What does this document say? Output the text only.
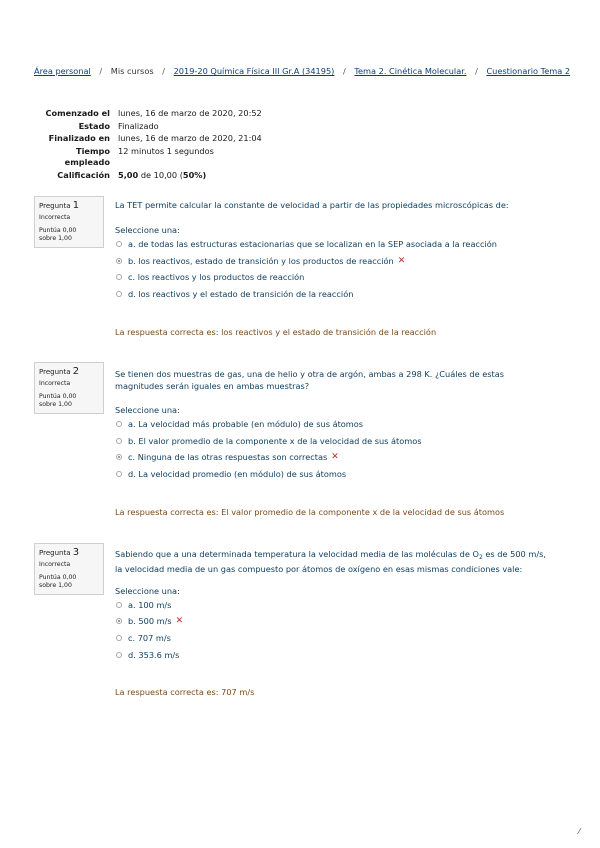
Área personal / Mis cursos / 2019-20 Química Física III Gr.A (34195) / Tema 2. Cinética Molecular. / Cuestionario Tema 2
Comenzado el	lunes, 16 de marzo de 2020, 20:52
Estado	Finalizado
Finalizado en	lunes, 16 de marzo de 2020, 21:04
Tiempo
empleado	12 minutos 1 segundos
Calificación	5,00 de 10,00 (50%)
Pregunta 1
Incorrecta
Puntúa 0,00
sobre 1,00
La TET permite calcular la constante de velocidad a partir de las propiedades microscópicas de:
Seleccione una:
a. de todas las estructuras estacionarias que se localizan en la SEP asociada a la reacción
b. los reactivos, estado de transición y los productos de reacción ✕
c. los reactivos y los productos de reacción
d. los reactivos y el estado de transición de la reacción
La respuesta correcta es: los reactivos y el estado de transición de la reacción
Pregunta 2
Incorrecta
Puntúa 0,00
sobre 1,00
Se tienen dos muestras de gas, una de helio y otra de argón, ambas a 298 K. ¿Cuáles de estas magnitudes serán iguales en ambas muestras?
Seleccione una:
a. La velocidad más probable (en módulo) de sus átomos
b. El valor promedio de la componente x de la velocidad de sus átomos
c. Ninguna de las otras respuestas son correctas ✕
d. La velocidad promedio (en módulo) de sus átomos
La respuesta correcta es: El valor promedio de la componente x de la velocidad de sus átomos
Pregunta 3
Incorrecta
Puntúa 0,00
sobre 1,00
Sabiendo que a una determinada temperatura la velocidad media de las moléculas de $O_2$ es de 500 m/s, la velocidad media de un gas compuesto por átomos de oxígeno en esas mismas condiciones vale:
Seleccione una:
a. 100 m/s
b. 500 m/s ✕
c. 707 m/s
d. 353.6 m/s
La respuesta correcta es: 707 m/s
⁄
